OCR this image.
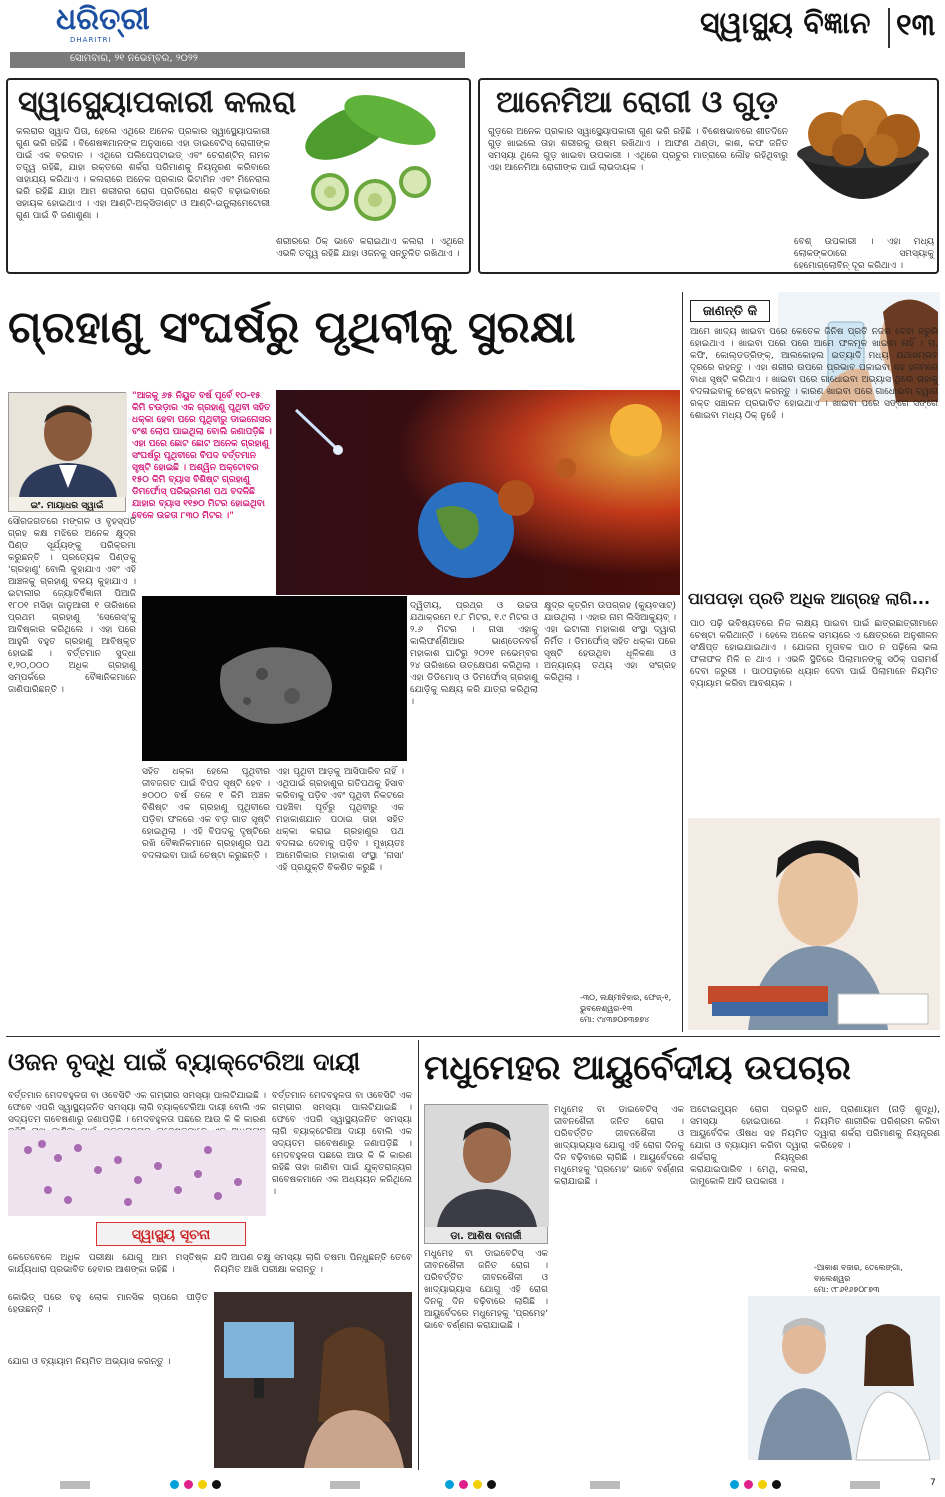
ଧରିତ୍ରୀ
DHARITRI
ସୋମବାର, ୨୧ ନଭେମ୍ବର, ୨୦୨୨
ସ୍ୱାସ୍ଥ୍ୟ ବିଜ୍ଞାନ ୧୩
ସ୍ୱାସ୍ଥ୍ୟୋପକାରୀ କଲରା
କଲରାର ସ୍ୱାଦ ପିତା, ହେଲେ ଏଥିରେ ଅନେକ ପ୍ରକାର ସ୍ୱାସ୍ଥ୍ୟୋପକାରୀ ଗୁଣ ଭରି ରହିଛି । ବିଶେଷଜ୍ଞମାନଙ୍କ ଅନୁସାରେ ଏହା ଡାଇବେଟିସ୍ ରୋଗୀଙ୍କ ପାଇଁ ଏକ ବରଦାନ । ଏଥିରେ ପଲିପେପ୍ଟାଇଡ୍ ଏବଂ ଚେରାଣ୍ଟିନ୍ ନାମକ ତତ୍ତ୍ୱ ରହିଛି, ଯାହା ରକ୍ତରେ ଶର୍କରା ପରିମାଣକୁ ନିୟନ୍ତ୍ରଣ କରିବାରେ ସାହାଯ୍ୟ କରିଥାଏ । କଲରାରେ ଅନେକ ପ୍ରକାର ଭିଟାମିନ ଏବଂ ମିନେରାଲ ଭରି ରହିଛି ଯାହା ଆମ ଶରୀରର ରୋଗ ପ୍ରତିରୋଧ ଶକ୍ତି ବଢ଼ାଇବାରେ ସହାୟକ ହୋଇଥାଏ । ଏହା ଆଣ୍ଟି-ଅକ୍ସିଡାଣ୍ଟ ଓ ଆଣ୍ଟି-ଇନ୍ଫ୍ଲାମେଟୋରୀ ଗୁଣ ପାଇଁ ବି ଜଣାଶୁଣା ।
ଶରୀରରେ ଠିକ୍ ଭାବେ କରାଇଥାଏ କଲରା । ଏଥିରେ ଏଭଳି ତତ୍ତ୍ୱ ରହିଛି ଯାହା ଓଜନକୁ ସନ୍ତୁଳିତ ରଖିଥାଏ ।
ଆନେମିଆ ରୋଗୀ ଓ ଗୁଡ଼
ଗୁଡ଼ରେ ଅନେକ ପ୍ରକାର ସ୍ୱାସ୍ଥ୍ୟୋପକାରୀ ଗୁଣ ଭରି ରହିଛି । ବିଶେଷଭାବରେ ଶୀତଦିନେ ଗୁଡ଼ ଖାଇଲେ ତାହା ଶରୀରକୁ ଉଷ୍ମ ରଖିଥାଏ । ଆଫଣ ଥଣ୍ଡା, କାଶ, କଫ ଜନିତ ସମସ୍ୟା ଥିଲେ ଗୁଡ଼ ଖାଇବା ଉପକାରୀ । ଏଥିରେ ପ୍ରଚୁର ମାତ୍ରାରେ ଲୌହ ରହିଥିବାରୁ ଏହା ଆନେମିଆ ରୋଗୀଙ୍କ ପାଇଁ ଲାଭଦାୟକ ।
ବେଶ୍ ଉପକାରୀ । ଏହା ମଧ୍ୟ ଲୋକଙ୍କଠାରେ ସମସ୍ୟାକୁ ହେମୋଗ୍ଲୋବିନ୍ ଦୂର କରିଥାଏ ।
ଗ୍ରହାଣୁ ସଂଘର୍ଷରୁ ପୃଥିବୀକୁ ସୁରକ୍ଷା
ଇଂ. ମାୟାଧର ସ୍ୱାଇଁ
"ଆଜକୁ ୬୫ ନିୟୁତ ବର୍ଷ ପୂର୍ବେ ୧୦-୧୫ କିମି ଚଉଡ଼ାର ଏକ ଗ୍ରହାଣୁ ପୃଥିବୀ ସହିତ ଧକ୍କା ହେବା ପରେ ପୃଥିବୀରୁ ଡାଇନୋସର ବଂଶ ଲୋପ ପାଇଥିଲା ବୋଲି ଜଣାପଡ଼ିଛି । ଏହା ପରେ ଛୋଟ ଛୋଟ ଅନେକ ଗ୍ରହାଣୁ ସଂଘର୍ଷରୁ ପୃଥିବୀରେ ବିପଦ ବର୍ତ୍ତମାନ ସୃଷ୍ଟି ହୋଇଛି । ଅଶ୍ୱିନ ଅକ୍ଟୋବର ୧୫୦ କିମି ବ୍ୟାସ ବିଶିଷ୍ଟ ଗ୍ରହାଣୁ ଡିମର୍ଫୋସ୍ ପରିଭ୍ରମଣ ପଥ ବଦଳିଛି ଯାହାର ବ୍ୟାସ ୧୧୭୦ ମିଟର ହୋଇଥିବା ବେଳେ ଉଚ୍ଚତା ୮୩୦ ମିଟର ।"
ସୌରଜଗତରେ ମଙ୍ଗଳ ଓ ବୃହସ୍ପତି ଗ୍ରହ କକ୍ଷ ମଝିରେ ଅନେକ କ୍ଷୁଦ୍ର ପିଣ୍ଡ ସୂର୍ଯ୍ୟଙ୍କୁ ପରିକ୍ରମା କରୁଛନ୍ତି । ପ୍ରତ୍ୟେକ ପିଣ୍ଡକୁ 'ଗ୍ରହାଣୁ' ବୋଲି କୁହାଯାଏ ଏବଂ ଏହି ଆଞ୍ଚଳକୁ ଗ୍ରହାଣୁ ବଳୟ କୁହାଯାଏ । ଇଟାଲୀର ଜ୍ୟୋତିର୍ବିଜ୍ଞାନୀ ପିଆଜି ୧୮୦୧ ମସିହା ଜାନୁଆରୀ ୧ ତାରିଖରେ ପ୍ରଥମ ଗ୍ରହାଣୁ 'ସେରେସ୍'କୁ ଆବିଷ୍କାର କରିଥିଲେ । ଏହା ପରେ ଆହୁରି ବହୁତ ଗ୍ରହାଣୁ ଆବିଷ୍କୃତ ହୋଇଛି । ବର୍ତ୍ତମାନ ସୁଦ୍ଧା ୧,୨୦,୦୦୦ ଅଧିକ ଗ୍ରହାଣୁ ସମ୍ପର୍କରେ ବୈଜ୍ଞାନିକମାନେ ଜାଣିପାରିଛନ୍ତି ।
ସହିତ ଧକ୍କା ହେଲେ ପୃଥିବୀର ଜୀବଜଗତ ପାଇଁ ବିପଦ ସୃଷ୍ଟି ହେବ । ୭୦୦୦ ବର୍ଷ ତଳେ ୧ କିମି ଅଞ୍ଚଳ ବିଶିଷ୍ଟ ଏକ ଗ୍ରହାଣୁ ପୃଥିବୀରେ ପଡ଼ିବା ଫଳରେ ଏକ ବଡ଼ ଗାତ ସୃଷ୍ଟି ହୋଇଥିଲା । ଏହି ବିପଦକୁ ଦୃଷ୍ଟିରେ ରଖି ବୈଜ୍ଞାନିକମାନେ ଗ୍ରହାଣୁର ପଥ ବଦଳାଇବା ପାଇଁ ଚେଷ୍ଟା କରୁଛନ୍ତି ।
ଏହା ପୃଥିବୀ ଆଡ଼କୁ ଆସିପାରିବ ନାହିଁ । ଏଥିପାଇଁ ଗ୍ରହାଣୁର ଗତିପଥକୁ ହିସାବ କରିବାକୁ ପଡ଼ିବ ଏବଂ ପୃଥିବୀ ନିକଟରେ ପହଞ୍ଚିବା ପୂର୍ବରୁ ପୃଥିବୀରୁ ଏକ ମହାକାଶଯାନ ପଠାଇ ତାହା ସହିତ ଧକ୍କା କରାଇ ଗ୍ରହାଣୁର ପଥ ବଦଳାଇ ଦେବାକୁ ପଡ଼ିବ । ମୁଖ୍ୟତଃ ଆମେରିକାର ମହାକାଶ ସଂସ୍ଥା 'ନାସା' ଏହି ପ୍ରଯୁକ୍ତି ବିକଶିତ କରୁଛି ।
ଦ୍ୱିତୀୟ, ପ୍ରଥ୍ର ଓ ଉଚ୍ଚତା ଯଥାକ୍ରମେ ୧.୮ ମିଟର, ୧.୯ ମିଟର ଓ ୨.୬ ମିଟର । ନାସା ଏହାକୁ କାଲିଫର୍ଣ୍ଣିଆର ଭାଣ୍ଡେନବର୍ଗ ମହାକାଶ ଘାଟିରୁ ୨୦୨୧ ନଭେମ୍ବର ୨୪ ତାରିଖରେ ଉତ୍କ୍ଷେପଣ କରିଥିଲା । ଏହା ଡିଡିମୋସ୍ ଓ ଡିମର୍ଫୋସ୍ ଗ୍ରହାଣୁ ଯୋଡ଼ିକୁ ଲକ୍ଷ୍ୟ କରି ଯାତ୍ରା କରିଥିଲା ।
କ୍ଷୁଦ୍ର କୃତ୍ରିମ ଉପଗ୍ରହ (କ୍ୟୁବସାଟ୍) ଯାଉଥିଲା । ଏହାର ନାମ ଲିସିଆକ୍ୟୁବ୍ । ଏହା ଇଟାଲୀ ମହାକାଶ ସଂସ୍ଥା ଦ୍ୱାରା ନିର୍ମିତ । ଡିମର୍ଫୋସ୍ ସହିତ ଧକ୍କା ପରେ ସୃଷ୍ଟି ହେଉଥିବା ଧୂଳିକଣା ଓ ଅନ୍ୟାନ୍ୟ ତଥ୍ୟ ଏହା ସଂଗ୍ରହ କରିଥିଲା ।
-୩୦, ଲକ୍ଷ୍ମୀବିହାର, ଫେଜ୍-୧, ଭୁବନେଶ୍ୱର-୧୩
ମୋ: ୯୪୩୭୦୭୩୭୭୪
ଜାଣନ୍ତି କି
ଆମେ ଖାଦ୍ୟ ଖାଇବା ପରେ କେତେକ ଜିନିଷ ପ୍ରତି ନଜର ଦେବା ଜରୁରି ହୋଇଥାଏ । ଖାଇବା ପରେ ପରେ ଆମେ ଫଳମୂଳ ଖାଇବା ନାହିଁ । ଚା, କଫି, କୋଲ୍ଡଡ୍ରିଙ୍କ୍, ଆଲକୋହଲ ଇତ୍ୟାଦି ମଧ୍ୟ ଯଥାସମ୍ଭବ ଦୂରରେ ରହନ୍ତୁ । ଏହା ଶରୀର ଉପରେ ପ୍ରଭାବ ପକାଇବା ସହ ହଜମରେ ବାଧା ସୃଷ୍ଟି କରିଥାଏ । ଖାଇବା ପରେ ଗାଧୋଇବା ଅଭ୍ୟାସ ଥିଲେ ତାହାକୁ ବଦଳାଇବାକୁ ଚେଷ୍ଟା କରନ୍ତୁ । କାରଣ ଖାଇବା ପରେ ଗାଧୋଇବା ଦ୍ୱାରା ରକ୍ତ ସଞ୍ଚାଳନ ପ୍ରଭାବିତ ହୋଇଥାଏ । ଖାଇବା ପରେ ସଙ୍ଗେ ସଙ୍ଗେ ଶୋଇବା ମଧ୍ୟ ଠିକ୍ ନୁହେଁ ।
ପାପପଡ଼ା ପ୍ରତି ଅଧିକ ଆଗ୍ରହ ଲାଗି...
ପାଠ ପଢ଼ି ଭବିଷ୍ୟତରେ ନିଜ ଲକ୍ଷ୍ୟ ପାଇବା ପାଇଁ ଛାତ୍ରଛାତ୍ରୀମାନେ ଚେଷ୍ଟା କରିଥାନ୍ତି । ହେଲେ ଅନେକ ସମୟରେ ଏ କ୍ଷେତ୍ରରେ ଅନୁଶୀଳନ ସଂକ୍ଷିପ୍ତ ହୋଇଯାଇଥାଏ । ଯୋଜନା ମୁତାବକ ପାଠ ନ ପଢ଼ିଲେ ଭଲ ଫଳାଫଳ ମିଳି ନ ଥାଏ । ଏଭଳି ସ୍ଥିତିରେ ପିଲାମାନଙ୍କୁ ସଠିକ୍ ପରାମର୍ଶ ଦେବା ଜରୁରୀ । ପାଠପଢ଼ାରେ ଧ୍ୟାନ ଦେବା ପାଇଁ ପିଲାମାନେ ନିୟମିତ ବ୍ୟାୟାମ କରିବା ଆବଶ୍ୟକ ।
ଓଜନ ବୃଦ୍ଧି ପାଇଁ ବ୍ୟାକ୍ଟେରିଆ ଦାୟୀ
ବର୍ତ୍ତମାନ ମେଦବହୁଳତା ବା ଓବେସିଟି ଏକ ଗମ୍ଭୀର ସମସ୍ୟା ପାଲଟିଯାଇଛି । ଫେବେ ଏପରି ସ୍ୱାସ୍ଥ୍ୟଜନିତ ସମସ୍ୟା ଲାଗି ବ୍ୟାକ୍ଟେରିଆ ଦାୟୀ ବୋଲି ଏକ ସଦ୍ୟତମ ଗବେଷଣାରୁ ଜଣାପଡ଼ିଛି । ମେଦବହୁଳତା ପଛରେ ଆଉ କି କି କାରଣ
ବର୍ତ୍ତମାନ ମେଦବହୁଳତା ବା ଓବେସିଟି ଏକ ଗମ୍ଭୀର ସମସ୍ୟା ପାଲଟିଯାଇଛି । ଫେବେ ଏପରି ସ୍ୱାସ୍ଥ୍ୟଜନିତ ସମସ୍ୟା ଲାଗି ବ୍ୟାକ୍ଟେରିଆ ଦାୟୀ ବୋଲି ଏକ ସଦ୍ୟତମ ଗବେଷଣାରୁ ଜଣାପଡ଼ିଛି । ମେଦବହୁଳତା ପଛରେ ଆଉ କି କି କାରଣ ରହିଛି ତାହା ଜାଣିବା ପାଇଁ ଯୁକ୍ତରାଜ୍ୟର ଗବେଷକମାନେ ଏକ ଅଧ୍ୟୟନ କରିଥିଲେ ।
ସ୍ୱାସ୍ଥ୍ୟ ସୂଚନା
କେତେବେଳେ ଅଧିକ ପରୀକ୍ଷା ଯୋଗୁ ଆମ ମସ୍ତିଷ୍କ କାର୍ଯ୍ୟଧାରା ପ୍ରଭାବିତ ହେବାର ଆଶଙ୍କା ରହିଛି ।
ଯଦି ଆପଣ ଚକ୍ଷୁ ସମସ୍ୟା ଲାଗି ଚଷମା ପିନ୍ଧୁଛନ୍ତି ତେବେ ନିୟମିତ ଆଖି ପରୀକ୍ଷା କରାନ୍ତୁ ।
କୋଭିଡ୍ ପରେ ବହୁ ଲୋକ ମାନସିକ ଚାପରେ ପୀଡ଼ିତ ହେଉଛନ୍ତି ।
ଯୋଗ ଓ ବ୍ୟାୟାମ ନିୟମିତ ଅଭ୍ୟାସ କରନ୍ତୁ ।
ମଧୁମେହର ଆୟୁର୍ବେଦୀୟ ଉପଚାର
ଡା. ଆଶିଷ ବାନାର୍ଜୀ
ମଧୁମେହ ବା ଡାଇବେଟିସ୍ ଏକ ଜୀବନଶୈଳୀ ଜନିତ ରୋଗ । ପରିବର୍ତ୍ତିତ ଜୀବନଶୈଳୀ ଓ ଖାଦ୍ୟାଭ୍ୟାସ ଯୋଗୁ ଏହି ରୋଗ ଦିନକୁ ଦିନ ବଢ଼ିବାରେ ଲାଗିଛି । ଆୟୁର୍ବେଦରେ ମଧୁମେହକୁ 'ପ୍ରମେହ' ଭାବେ ବର୍ଣ୍ଣନା କରାଯାଇଛି ।
ମଧୁମେହ ବା ଡାଇବେଟିସ୍ ଏକ ଜୀବନଶୈଳୀ ଜନିତ ରୋଗ । ପରିବର୍ତ୍ତିତ ଜୀବନଶୈଳୀ ଓ ଖାଦ୍ୟାଭ୍ୟାସ ଯୋଗୁ ଏହି ରୋଗ ଦିନକୁ ଦିନ ବଢ଼ିବାରେ ଲାଗିଛି । ଆୟୁର୍ବେଦରେ ମଧୁମେହକୁ 'ପ୍ରମେହ' ଭାବେ ବର୍ଣ୍ଣନା କରାଯାଇଛି ।
ଅଟୋଇମ୍ୟୁନ ରୋଗ ପ୍ରଭୃତି ସମସ୍ୟା ହୋଇପାରେ । ଆୟୁର୍ବେଦିକ ଔଷଧ ସହ ନିୟମିତ ଯୋଗ ଓ ବ୍ୟାୟାମ କରିବା ଦ୍ୱାରା ଶର୍କରାକୁ ନିୟନ୍ତ୍ରଣ କରାଯାଇପାରିବ । ମେଥି, କଲରା, ଜାମୁକୋଳି ଆଦି ଉପକାରୀ ।
ଧାନ, ପ୍ରାଣାୟାମ (ନାଡ଼ି ଶୁଦ୍ଧି), ନିୟମିତ ଶାରୀରିକ ପରିଶ୍ରମ କରିବା ଦ୍ୱାରା ଶର୍କରା ପରିମାଣକୁ ନିୟନ୍ତ୍ରଣ କରିହେବ ।
-ଆକାଶ ବଜାର, ତେଲେଙ୍ଗା, ବାଲେଶ୍ୱର
ମୋ: ୯୮୬୧୬୭୦୮୭୩
7
